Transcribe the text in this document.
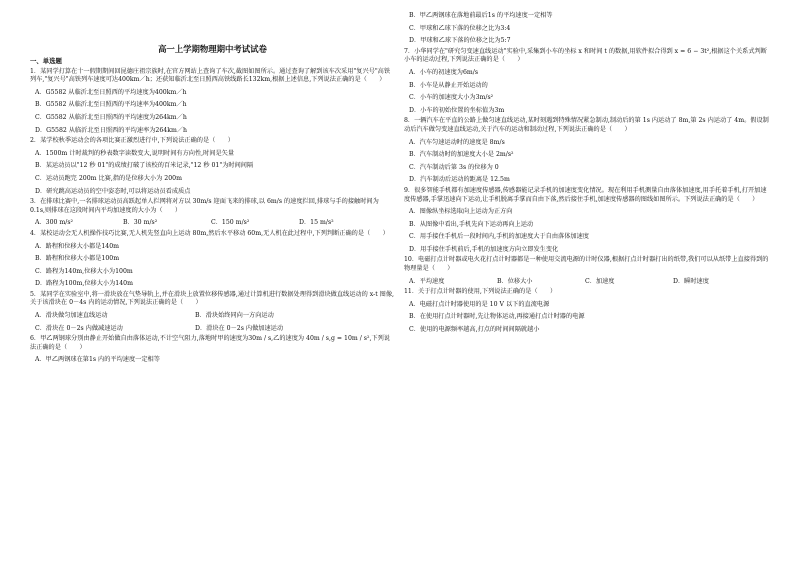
高一上学期物理期中考试试卷
一、单选题
1．某同学打算在十一假期期间回昆德庄祖宗族时,在官方网站上查询了车次,截图如图所示。通过查询了解到该车次采用"复兴号"高铁列车,"复兴号"高铁列车速度可达400km／h；还获知临沂北至日照西高铁线路长132km,根据上述信息,下列说法正确的是（　　）
A．G5582 从临沂北至日照西的平均速度为400km／h
B．G5582 从临沂北至日照西的平均速率为400km／h
C．G5582 从临沂北至日照西的平均速度为264km／h
D．G5582 从临沂北至日照西的平均速率为264km／h
2．某学校秋季运动会的各项比赛正激烈进行中,下列说法正确的是（　　）
A．1500m 计时裁判的秒表数字读数变大,说明时间有方向性,时间是矢量
B．某运动员以"12 秒 01"的成绩打破了该校的百米记录,"12 秒 01"为时间间隔
C．运动员跑完 200m 比赛,指的是位移大小为 200m
D．研究跳高运动员的空中姿态时,可以将运动员看成质点
3．在排球比赛中,一名排球运动员高跃起单人拦网将对方以 30m/s 迎面飞来的排球,以 6m/s 的速度拦回,排球与手的接触时间为 0.1s,则排球在这段时间内平均加速度的大小为（　　）
A．300 m/s²	B．30 m/s²	C．150 m/s²	D．15 m/s²
4．某校运动会无人机操作技巧比赛,无人机先竖直向上运动 80m,然后水平移动 60m,无人机在此过程中,下列判断正确的是（　　）
A．路程和位移大小都是140m
B．路程和位移大小都是100m
C．路程为140m,位移大小为100m
D．路程为100m,位移大小为140m
5．某同学在实验室中,将一滑块放在气垫导轨上,并在滑块上放置位移传感器,通过计算机进行数据处理得到滑块做直线运动的 x-t 图像,关于该滑块在 0－4s 内的运动情况,下列说法正确的是（　　）
A．滑块做匀加速直线运动	B．滑块始终同向一方向运动
C．滑块在 0－2s 内做减速运动	D．滑块在 0－2s 内做加速运动
6．甲乙两钢球分别由静止开始做自由落体运动,不计空气阻力,落地时甲的速度为30m / s,乙的速度为 40m / s,g = 10m / s²,下列说法正确的是（　　）
A．甲乙两钢球在第1s 内的平均速度一定相等
B．甲乙两钢球在落地前最后1s 的平均速度一定相等
C．甲球和乙球下落的位移之比为3:4
D．甲球和乙球下落的位移之比为5:7
7．小华同学在"研究匀变速直线运动"实验中,采集到小车的坐标 x 和时间 t 的数据,用软件拟合得到 x = 6 − 3t²,根据这个关系式判断小车的运动过程,下列说法正确的是（　　）
A．小车的初速度为6m/s
B．小车是从静止开始运动的
C．小车的加速度大小为3m/s²
D．小车的初始位置的坐标值为3m
8．一辆汽车在平直的公路上做匀速直线运动,某时刻遇到特殊情况紧急制动,制动后的第 1s 内运动了 8m,第 2s 内运动了 4m。假设制动后汽车做匀变速直线运动,关于汽车的运动和制动过程,下列说法正确的是（　　）
A．汽车匀速运动时的速度是 8m/s
B．汽车制动时的加速度大小是 2m/s²
C．汽车制动后第 3s 的位移为 0
D．汽车制动后运动的距离是 12.5m
9．很多智能手机都有加速度传感器,传感器能记录手机的加速度变化情况。现在利用手机测量自由落体加速度,用手托着手机,打开加速度传感器,手掌迅速向下运动,让手机脱离手掌而自由下落,然后接住手机,加速度传感器的图线如图所示。下列说法正确的是（　　）
A．图像纵坐标选取向上运动为正方向
B．从图像中看出,手机先向下运动再向上运动
C．用手接住手机后一段时间内,手机的加速度大于自由落体加速度
D．用手接住手机前后,手机的加速度方向立即发生变化
10．电磁打点计时器或电火花打点计时器都是一种使用交流电源的计时仪器,根据打点计时器打出的纸带,我们可以从纸带上直接得到的物理量是（　　）
A．平均速度	B．位移大小	C．加速度	D．瞬时速度
11．关于打点计时器的使用,下列说法正确的是（　　）
A．电磁打点计时器使用的是 10 V 以下的直流电源
B．在使用打点计时器时,先让物体运动,再接通打点计时器的电源
C．使用的电源频率越高,打点的时间间隔就越小
